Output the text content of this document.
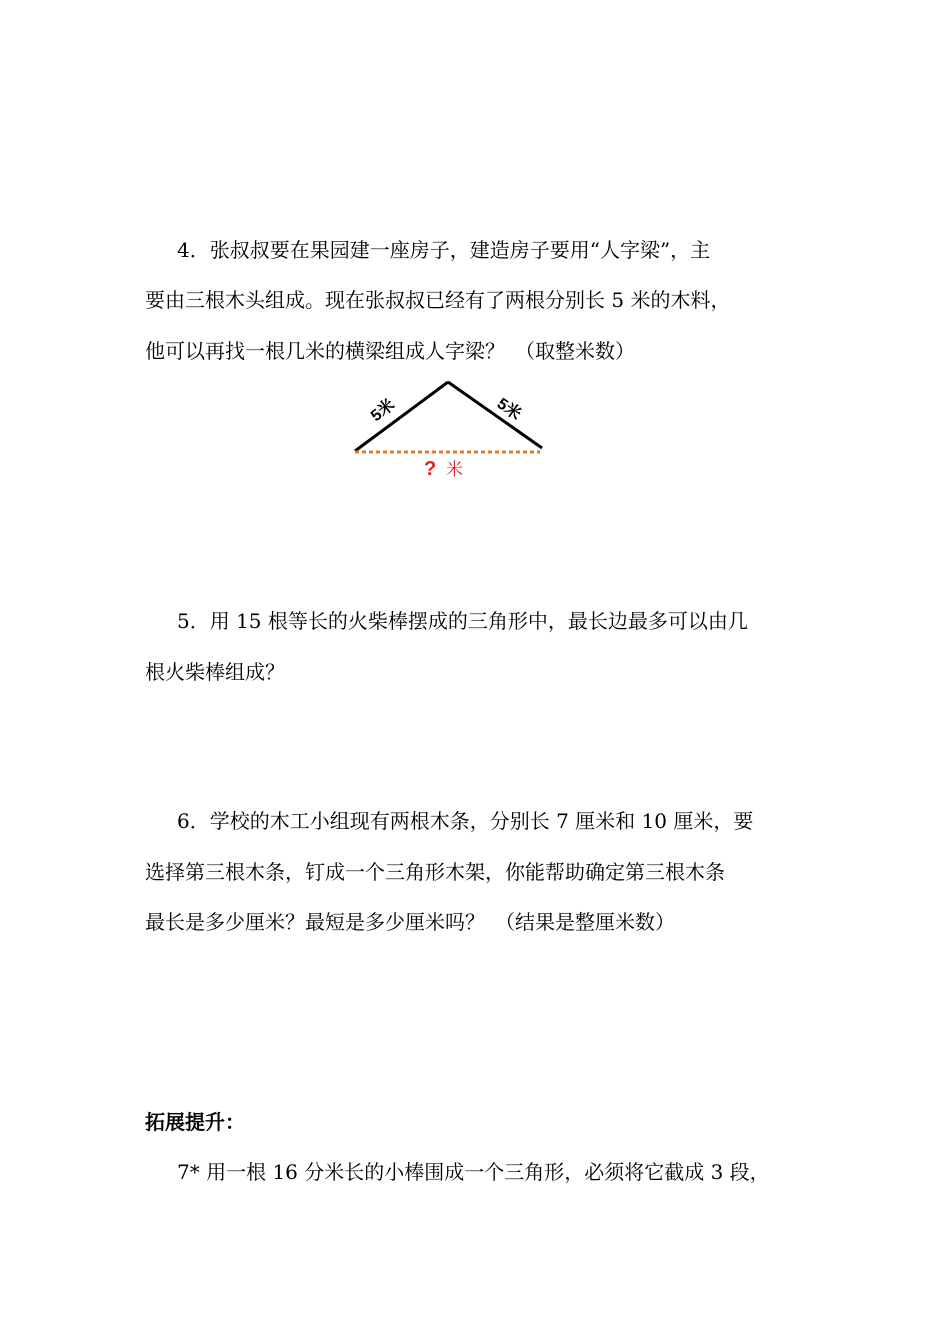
4．张叔叔要在果园建一座房子，建造房子要用“人字梁”，主
要由三根木头组成。现在张叔叔已经有了两根分别长 5 米的木料，
他可以再找一根几米的横梁组成人字梁？　（取整米数）
5米	5米
? 米
5．用 15 根等长的火柴棒摆成的三角形中，最长边最多可以由几
根火柴棒组成？
6．学校的木工小组现有两根木条，分别长 7 厘米和 10 厘米，要
选择第三根木条，钉成一个三角形木架，你能帮助确定第三根木条
最长是多少厘米？最短是多少厘米吗？　（结果是整厘米数）
拓展提升：
7* 用一根 16 分米长的小棒围成一个三角形，必须将它截成 3 段，
